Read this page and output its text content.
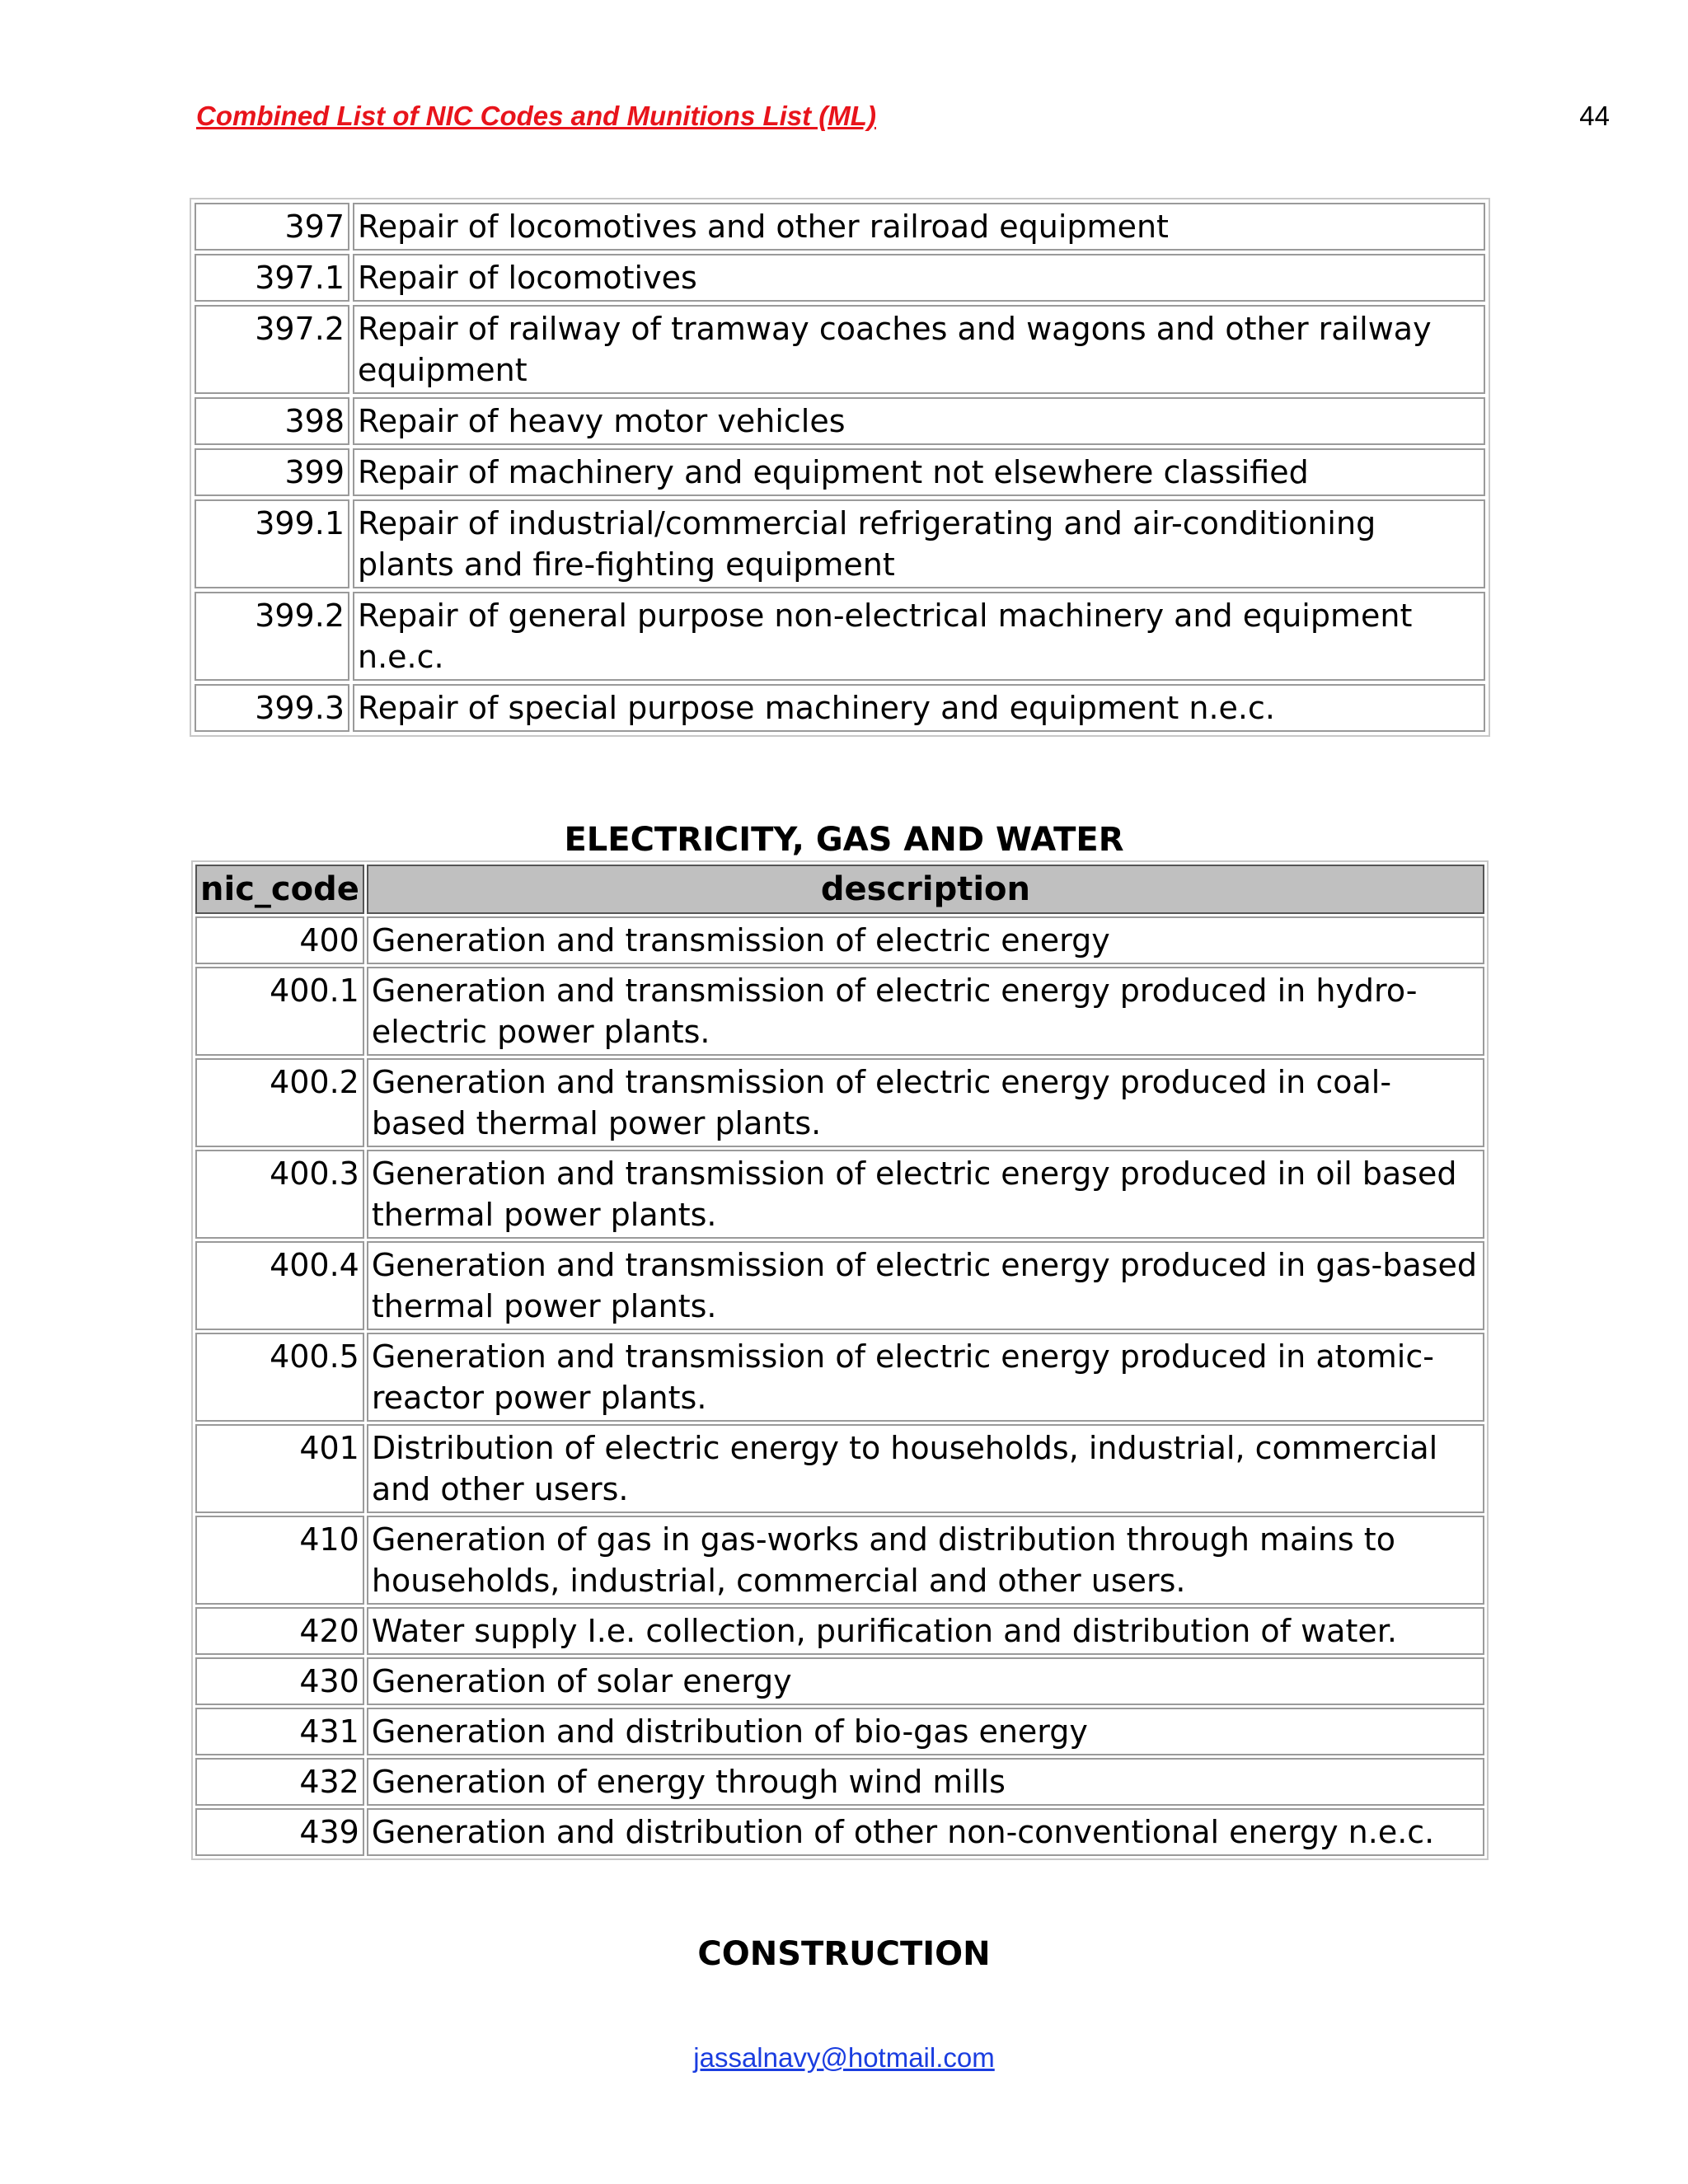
Combined List of NIC Codes and Munitions List (ML)	44
397	Repair of locomotives and other railroad equipment
397.1	Repair of locomotives
397.2	Repair of railway of tramway coaches and wagons and other railway equipment
398	Repair of heavy motor vehicles
399	Repair of machinery and equipment not elsewhere classified
399.1	Repair of industrial/commercial refrigerating and air-conditioning plants and fire-fighting equipment
399.2	Repair of general purpose non-electrical machinery and equipment n.e.c.
399.3	Repair of special purpose machinery and equipment n.e.c.
ELECTRICITY, GAS AND WATER
nic_code	description
400	Generation and transmission of electric energy
400.1	Generation and transmission of electric energy produced in hydro-electric power plants.
400.2	Generation and transmission of electric energy produced in coal-based thermal power plants.
400.3	Generation and transmission of electric energy produced in oil based thermal power plants.
400.4	Generation and transmission of electric energy produced in gas-based thermal power plants.
400.5	Generation and transmission of electric energy produced in atomic-reactor power plants.
401	Distribution of electric energy to households, industrial, commercial and other users.
410	Generation of gas in gas-works and distribution through mains to households, industrial, commercial and other users.
420	Water supply I.e. collection, purification and distribution of water.
430	Generation of solar energy
431	Generation and distribution of bio-gas energy
432	Generation of energy through wind mills
439	Generation and distribution of other non-conventional energy n.e.c.
CONSTRUCTION
jassalnavy@hotmail.com
